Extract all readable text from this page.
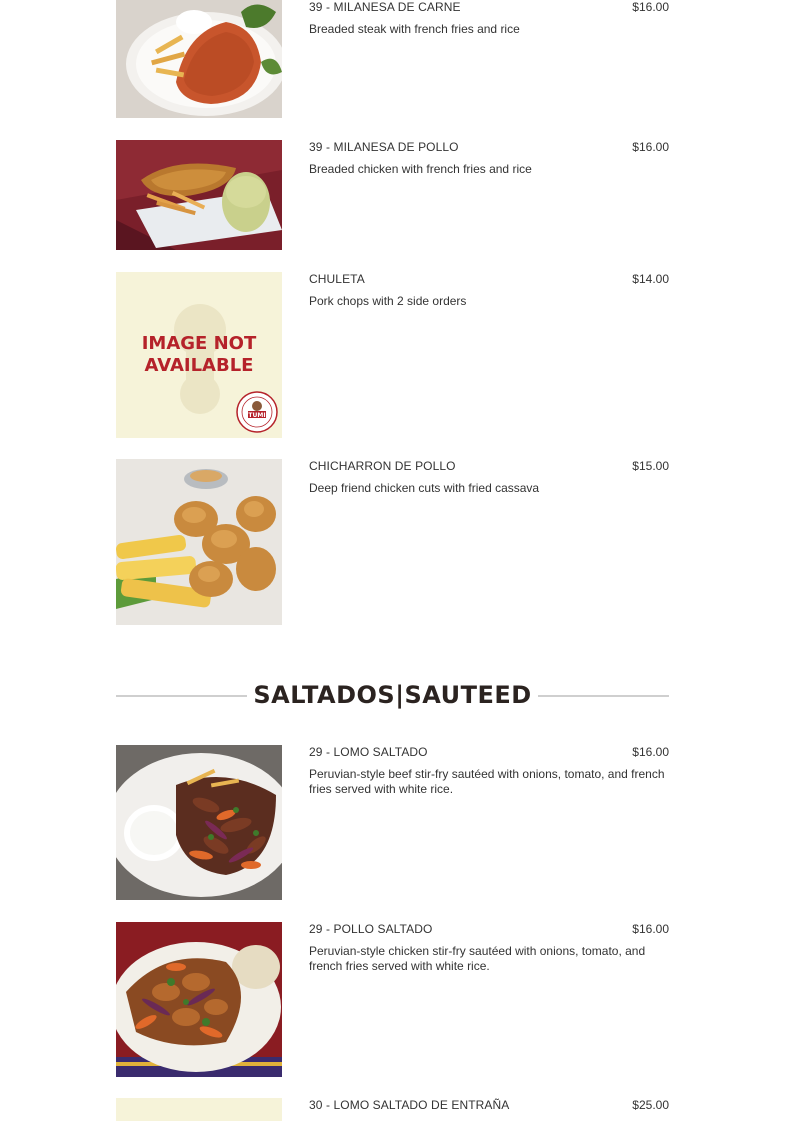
39 - MILANESA DE CARNE	$16.00
Breaded steak with french fries and rice
39 - MILANESA DE POLLO	$16.00
Breaded chicken with french fries and rice
IMAGE NOT
AVAILABLE
TUMI
CHULETA	$14.00
Pork chops with 2 side orders
CHICHARRON DE POLLO	$15.00
Deep friend chicken cuts with fried cassava
SALTADOS|SAUTEED
29 - LOMO SALTADO	$16.00
Peruvian-style beef stir-fry sautéed with onions, tomato, and french fries served with white rice.
29 - POLLO SALTADO	$16.00
Peruvian-style chicken stir-fry sautéed with onions, tomato, and french fries served with white rice.
30 - LOMO SALTADO DE ENTRAÑA	$25.00
